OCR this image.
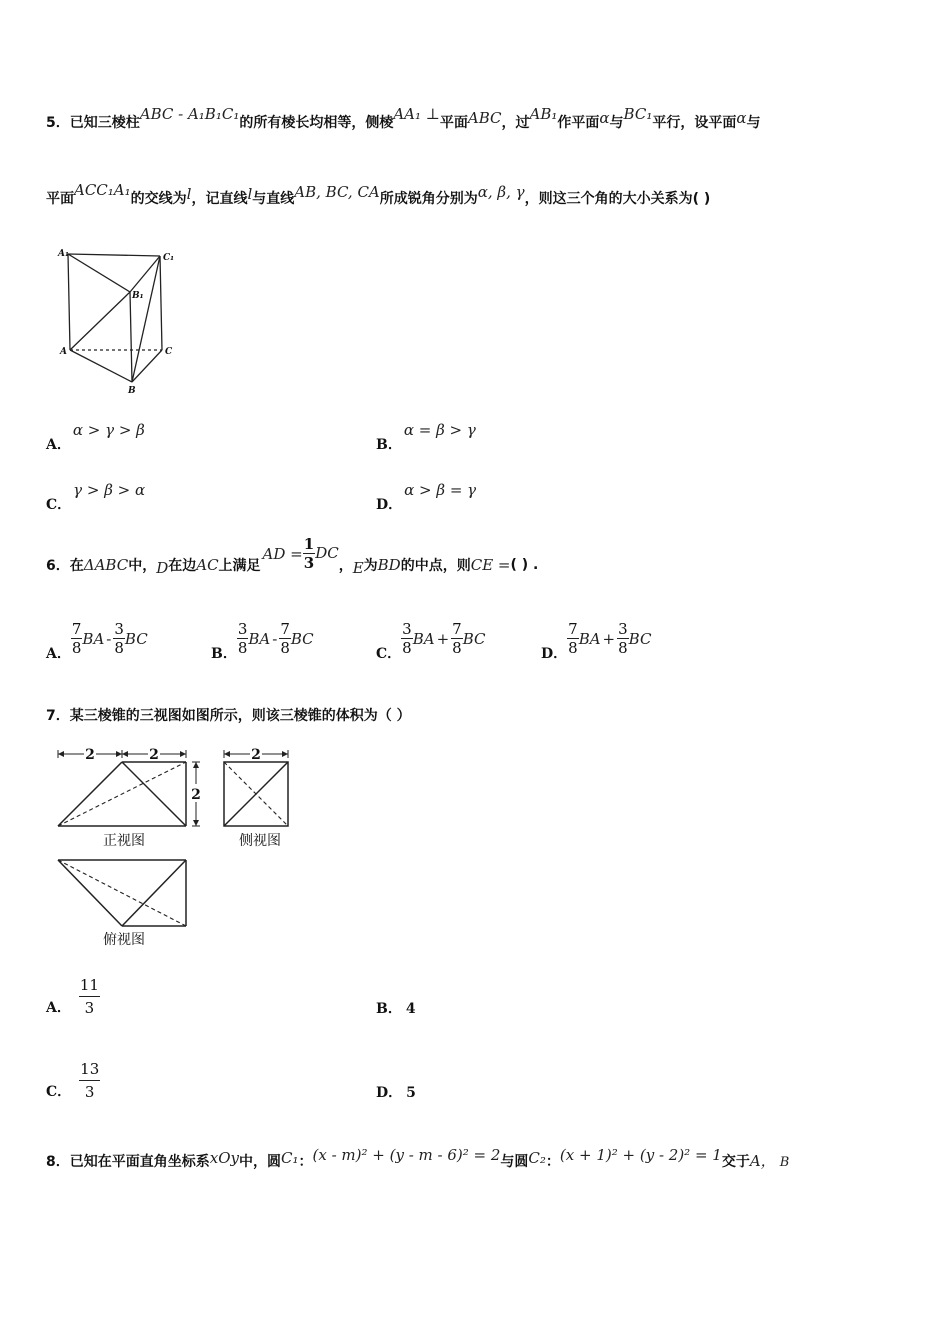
5．已知三棱柱ABC - A₁B₁C₁的所有棱长均相等，侧棱AA₁ ⊥平面ABC，过AB₁作平面α与BC₁平行，设平面α与
平面ACC₁A₁的交线为l，记直线l与直线AB, BC, CA所成锐角分别为α, β, γ，则这三个角的大小关系为( )
A₁	C₁
B₁
A	C
B
A．α > γ > β
B．α = β > γ
C．γ > β > α
D．α > β = γ
6． 在 ΔABC 中， D 在边 AC 上满足
AD = $\frac{1}{3}$ DC
， E 为 BD 的中点，则 CE = ( ) .
A． $\frac{7}{8}$ BA - $\frac{3}{8}$ BC
B． $\frac{3}{8}$ BA - $\frac{7}{8}$ BC
C． $\frac{3}{8}$ BA + $\frac{7}{8}$ BC
D． $\frac{7}{8}$ BA + $\frac{3}{8}$ BC
7．某三棱锥的三视图如图所示，则该三棱锥的体积为（ ）
2	2
2
2
正视图	侧视图
俯视图
A． $\frac{11}{3}$	B． 4
C． $\frac{13}{3}$	D． 5
8．已知在平面直角坐标系xOy中，圆C₁：(x - m)² + (y - m - 6)² = 2与圆C₂：(x + 1)² + (y - 2)² = 1交于A， B
